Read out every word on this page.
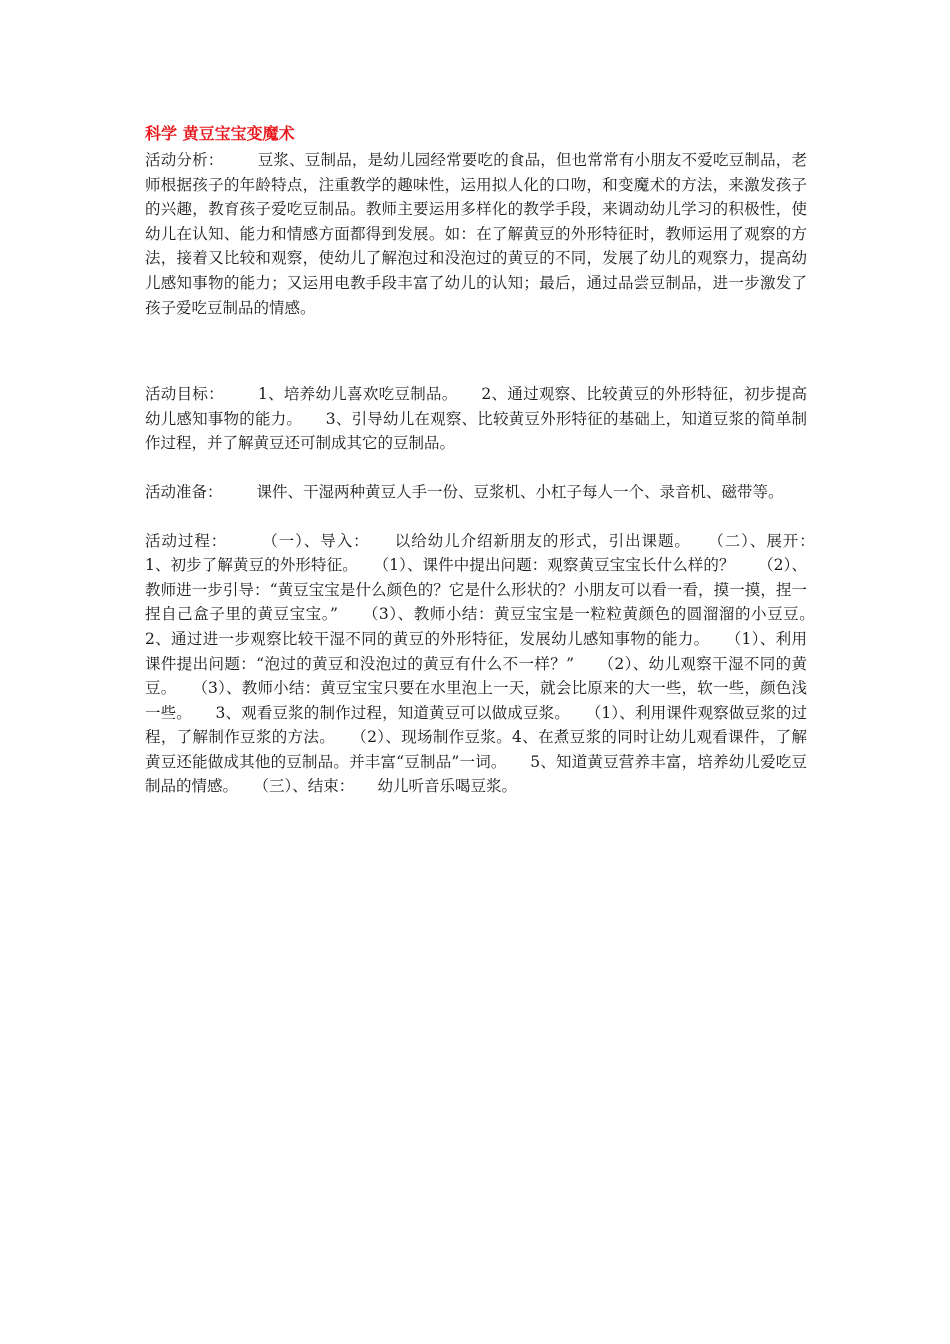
科学 黄豆宝宝变魔术

活动分析： 豆浆、豆制品，是幼儿园经常要吃的食品，但也常常有小朋友不爱吃豆制品，老师根据孩子的年龄特点，注重教学的趣味性，运用拟人化的口吻，和变魔术的方法，来激发孩子的兴趣，教育孩子爱吃豆制品。教师主要运用多样化的教学手段，来调动幼儿学习的积极性，使幼儿在认知、能力和情感方面都得到发展。如：在了解黄豆的外形特征时，教师运用了观察的方法，接着又比较和观察，使幼儿了解泡过和没泡过的黄豆的不同，发展了幼儿的观察力，提高幼儿感知事物的能力；又运用电教手段丰富了幼儿的认知；最后，通过品尝豆制品，进一步激发了孩子爱吃豆制品的情感。

活动目标： 1、培养幼儿喜欢吃豆制品。　　2、通过观察、比较黄豆的外形特征，初步提高幼儿感知事物的能力。　　3、引导幼儿在观察、比较黄豆外形特征的基础上，知道豆浆的简单制作过程，并了解黄豆还可制成其它的豆制品。

活动准备： 课件、干湿两种黄豆人手一份、豆浆机、小杠子每人一个、录音机、磁带等。

活动过程： （一）、导入：　　以给幼儿介绍新朋友的形式，引出课题。　　（二）、展开：　　1、初步了解黄豆的外形特征。　　（1）、课件中提出问题：观察黄豆宝宝长什么样的？　　（2）、教师进一步引导：“黄豆宝宝是什么颜色的？它是什么形状的？小朋友可以看一看，摸一摸，捏一捏自己盒子里的黄豆宝宝。”　　（3）、教师小结：黄豆宝宝是一粒粒黄颜色的圆溜溜的小豆豆。　　2、通过进一步观察比较干湿不同的黄豆的外形特征，发展幼儿感知事物的能力。　　（1）、利用课件提出问题：“泡过的黄豆和没泡过的黄豆有什么不一样？”　　（2）、幼儿观察干湿不同的黄豆。　　（3）、教师小结：黄豆宝宝只要在水里泡上一天，就会比原来的大一些，软一些，颜色浅一些。　　3、观看豆浆的制作过程，知道黄豆可以做成豆浆。　　（1）、利用课件观察做豆浆的过程，了解制作豆浆的方法。　　（2）、现场制作豆浆。4、在煮豆浆的同时让幼儿观看课件，了解黄豆还能做成其他的豆制品。并丰富“豆制品”一词。　　5、知道黄豆营养丰富，培养幼儿爱吃豆制品的情感。　　（三）、结束：　　幼儿听音乐喝豆浆。
